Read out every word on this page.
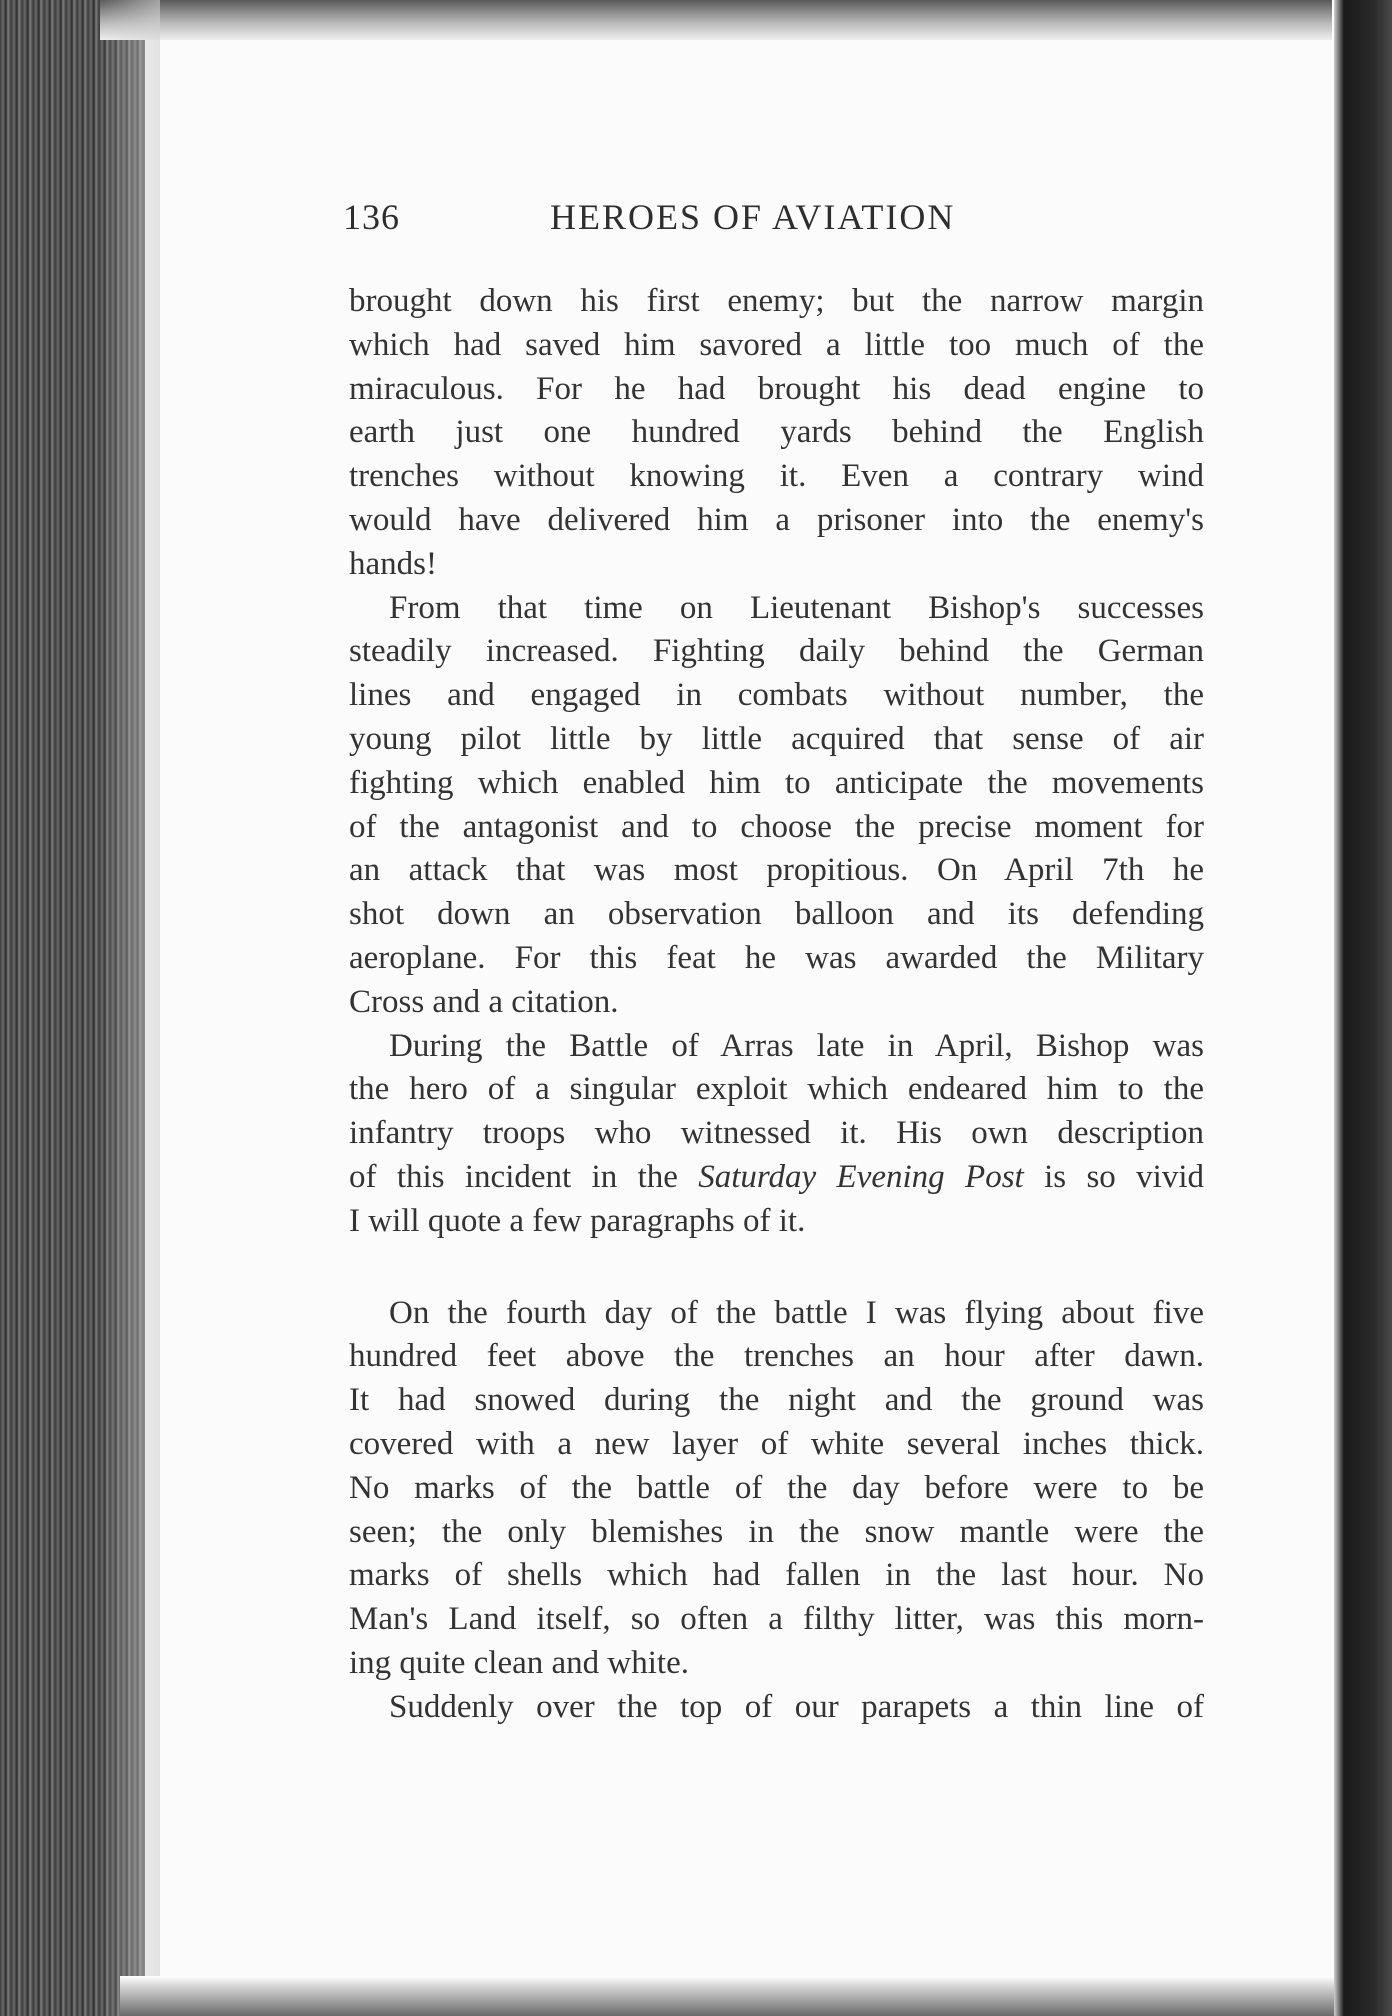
136	HEROES OF AVIATION
brought down his first enemy; but the narrow margin
which had saved him savored a little too much of the
miraculous. For he had brought his dead engine to
earth just one hundred yards behind the English
trenches without knowing it. Even a contrary wind
would have delivered him a prisoner into the enemy's
hands!
From that time on Lieutenant Bishop's successes
steadily increased. Fighting daily behind the German
lines and engaged in combats without number, the
young pilot little by little acquired that sense of air
fighting which enabled him to anticipate the movements
of the antagonist and to choose the precise moment for
an attack that was most propitious. On April 7th he
shot down an observation balloon and its defending
aeroplane. For this feat he was awarded the Military
Cross and a citation.
During the Battle of Arras late in April, Bishop was
the hero of a singular exploit which endeared him to the
infantry troops who witnessed it. His own description
of this incident in the Saturday Evening Post is so vivid
I will quote a few paragraphs of it.
On the fourth day of the battle I was flying about five
hundred feet above the trenches an hour after dawn.
It had snowed during the night and the ground was
covered with a new layer of white several inches thick.
No marks of the battle of the day before were to be
seen; the only blemishes in the snow mantle were the
marks of shells which had fallen in the last hour. No
Man's Land itself, so often a filthy litter, was this morn-
ing quite clean and white.
Suddenly over the top of our parapets a thin line of
